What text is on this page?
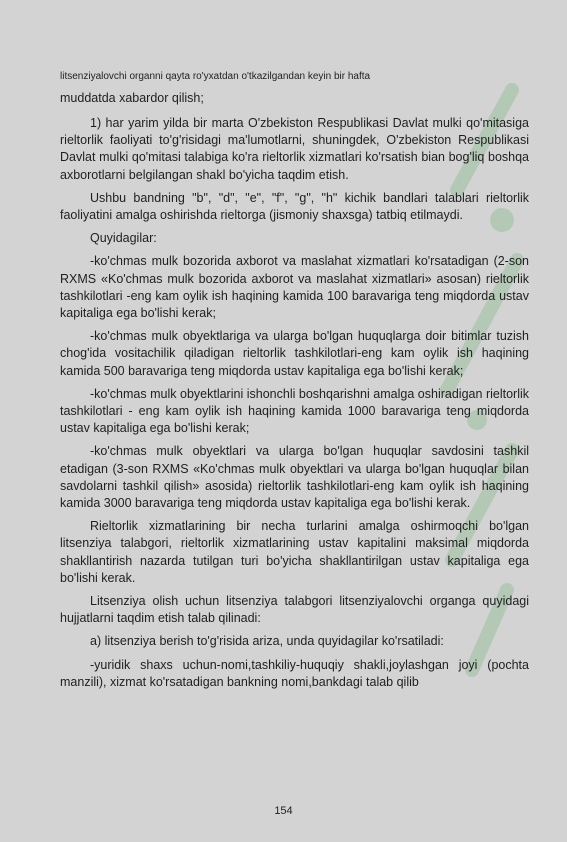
litsenziyalovchi organni qayta ro'yxatdan o'tkazilgandan keyin bir hafta
muddatda xabardor qilish;

1) har yarim yilda bir marta O'zbekiston Respublikasi Davlat mulki qo'mitasiga rieltorlik faoliyati to'g'risidagi ma'lumotlarni, shuningdek, O'zbekiston Respublikasi Davlat mulki qo'mitasi talabiga ko'ra rieltorlik xizmatlari ko'rsatish bian bog'liq boshqa axborotlarni belgilangan shakl bo'yicha taqdim etish.

Ushbu bandning "b", "d", "e", "f", "g", "h" kichik bandlari talablari rieltorlik faoliyatini amalga oshirishda rieltorga (jismoniy shaxsga) tatbiq etilmaydi.

Quyidagilar:

-ko'chmas mulk bozorida axborot va maslahat xizmatlari ko'rsatadigan (2-son RXMS «Ko'chmas mulk bozorida axborot va maslahat xizmatlari» asosan) rieltorlik tashkilotlari -eng kam oylik ish haqining kamida 100 baravariga teng miqdorda ustav kapitaliga ega bo'lishi kerak;

-ko'chmas mulk obyektlariga va ularga bo'lgan huquqlarga doir bitimlar tuzish chog'ida vositachilik qiladigan rieltorlik tashkilotlari-eng kam oylik ish haqining kamida 500 baravariga teng miqdorda ustav kapitaliga ega bo'lishi kerak;

-ko'chmas mulk obyektlarini ishonchli boshqarishni amalga oshiradigan rieltorlik tashkilotlari - eng kam oylik ish haqining kamida 1000 baravariga teng miqdorda ustav kapitaliga ega bo'lishi kerak;

-ko'chmas mulk obyektlari va ularga bo'lgan huquqlar savdosini tashkil etadigan (3-son RXMS «Ko'chmas mulk obyektlari va ularga bo'lgan huquqlar bilan savdolarni tashkil qilish» asosida) rieltorlik tashkilotlari-eng kam oylik ish haqining kamida 3000 baravariga teng miqdorda ustav kapitaliga ega bo'lishi kerak.

Rieltorlik xizmatlarining bir necha turlarini amalga oshirmoqchi bo'lgan litsenziya talabgori, rieltorlik xizmatlarining ustav kapitalini maksimal miqdorda shakllantirish nazarda tutilgan turi bo'yicha shakllantirilgan ustav kapitaliga ega bo'lishi kerak.

Litsenziya olish uchun litsenziya talabgori litsenziyalovchi organga quyidagi hujjatlarni taqdim etish talab qilinadi:

a) litsenziya berish to'g'risida ariza, unda quyidagilar ko'rsatiladi:

-yuridik shaxs uchun-nomi,tashkiliy-huquqiy shakli,joylashgan joyi (pochta manzili), xizmat ko'rsatadigan bankning nomi,bankdagi talab qilib

154
